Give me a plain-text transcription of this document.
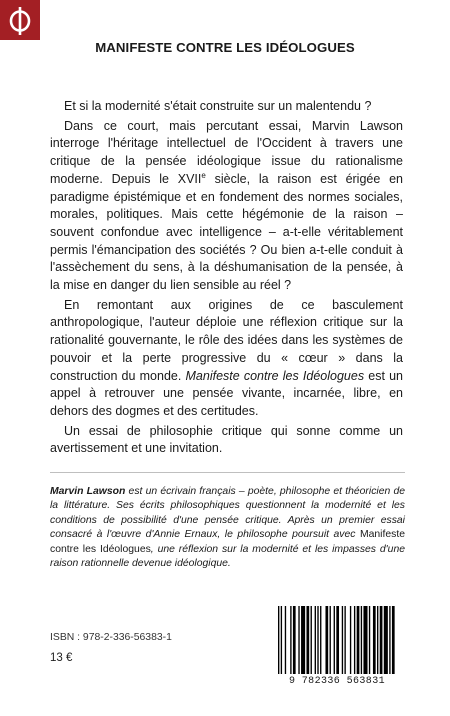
MANIFESTE CONTRE LES IDÉOLOGUES

Et si la modernité s'était construite sur un malentendu ?

Dans ce court, mais percutant essai, Marvin Lawson interroge l'héritage intellectuel de l'Occident à travers une critique de la pensée idéologique issue du rationalisme moderne. Depuis le XVIIe siècle, la raison est érigée en paradigme épistémique et en fondement des normes sociales, morales, politiques. Mais cette hégémonie de la raison – souvent confondue avec intelligence – a-t-elle véritablement permis l'émancipation des sociétés ? Ou bien a-t-elle conduit à l'assèchement du sens, à la déshumanisation de la pensée, à la mise en danger du lien sensible au réel ?

En remontant aux origines de ce basculement anthropologique, l'auteur déploie une réflexion critique sur la rationalité gouvernante, le rôle des idées dans les systèmes de pouvoir et la perte progressive du « cœur » dans la construction du monde. Manifeste contre les Idéologues est un appel à retrouver une pensée vivante, incarnée, libre, en dehors des dogmes et des certitudes.

Un essai de philosophie critique qui sonne comme un avertissement et une invitation.

Marvin Lawson est un écrivain français – poète, philosophe et théoricien de la littérature. Ses écrits philosophiques questionnent la modernité et les conditions de possibilité d'une pensée critique. Après un premier essai consacré à l'œuvre d'Annie Ernaux, le philosophe poursuit avec Manifeste contre les Idéologues, une réflexion sur la modernité et les impasses d'une raison rationnelle devenue idéologique.
ISBN : 978-2-336-56383-1
13 €
9 782336 563831
